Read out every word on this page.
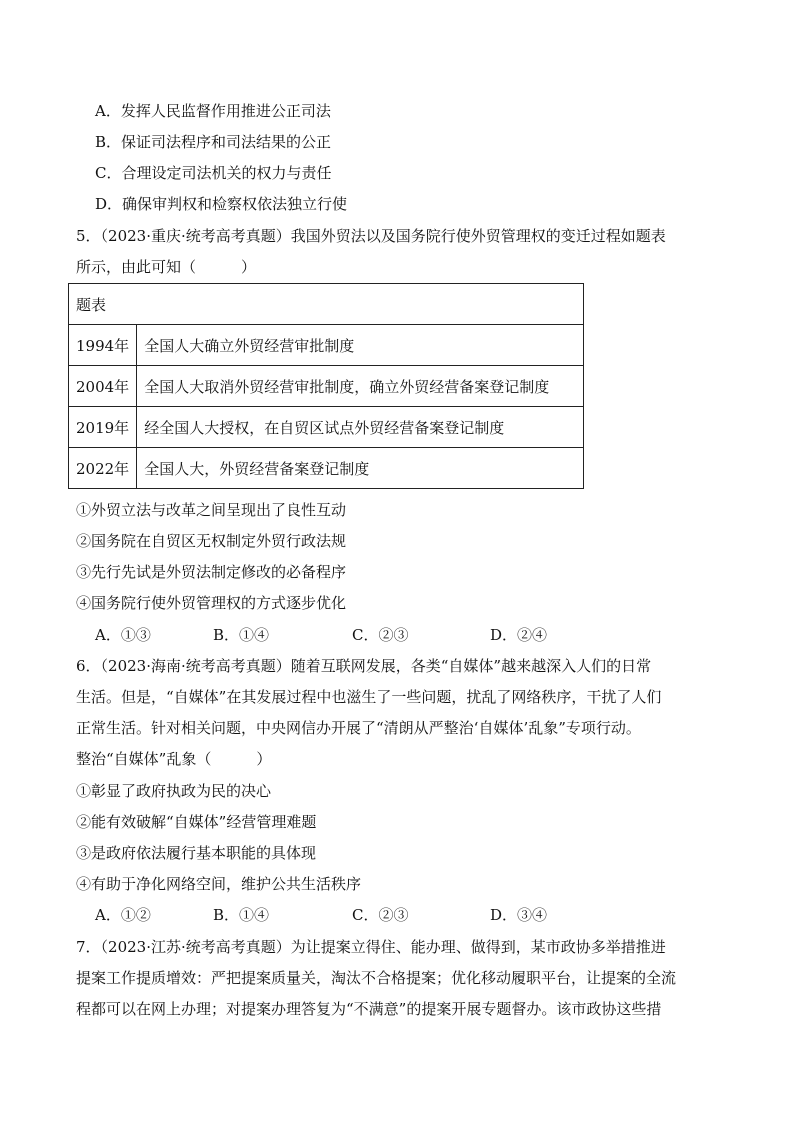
A．发挥人民监督作用推进公正司法
B．保证司法程序和司法结果的公正
C．合理设定司法机关的权力与责任
D．确保审判权和检察权依法独立行使
5．（2023·重庆·统考高考真题）我国外贸法以及国务院行使外贸管理权的变迁过程如题表
所示，由此可知（　　　）
题表	
1994年	全国人大确立外贸经营审批制度
2004年	全国人大取消外贸经营审批制度，确立外贸经营备案登记制度
2019年	经全国人大授权，在自贸区试点外贸经营备案登记制度
2022年	全国人大，外贸经营备案登记制度
①外贸立法与改革之间呈现出了良性互动
②国务院在自贸区无权制定外贸行政法规
③先行先试是外贸法制定修改的必备程序
④国务院行使外贸管理权的方式逐步优化
A．①③	B．①④	C．②③	D．②④
6．（2023·海南·统考高考真题）随着互联网发展，各类“自媒体”越来越深入人们的日常
生活。但是，“自媒体”在其发展过程中也滋生了一些问题，扰乱了网络秩序，干扰了人们
正常生活。针对相关问题，中央网信办开展了“清朗从严整治‘自媒体’乱象”专项行动。
整治“自媒体”乱象（　　　）
①彰显了政府执政为民的决心
②能有效破解“自媒体”经营管理难题
③是政府依法履行基本职能的具体现
④有助于净化网络空间，维护公共生活秩序
A．①②	B．①④	C．②③	D．③④
7．（2023·江苏·统考高考真题）为让提案立得住、能办理、做得到，某市政协多举措推进
提案工作提质增效：严把提案质量关，淘汰不合格提案；优化移动履职平台，让提案的全流
程都可以在网上办理；对提案办理答复为“不满意”的提案开展专题督办。该市政协这些措
